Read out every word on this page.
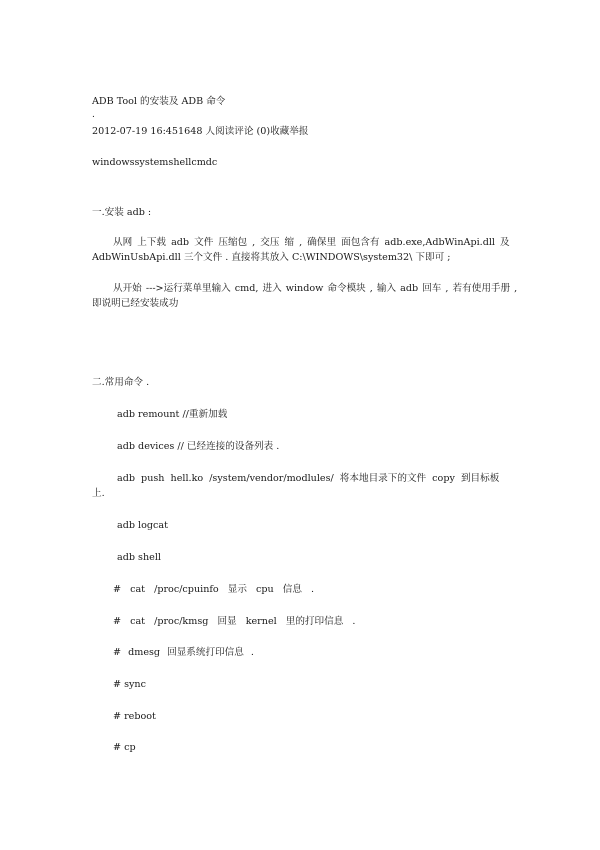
ADB Tool 的安装及 ADB 命令
.
2012-07-19 16:451648 人阅读评论 (0)收藏举报
windowssystemshellcmdc
一.安装 adb :
从网 上下载 adb 文件 压缩包 , 交压 缩 , 确保里 面包含有 adb.exe,AdbWinApi.dll 及
AdbWinUsbApi.dll 三个文件 . 直接将其放入 C:\WINDOWS\system32\ 下即可 ;
从开始 --->运行菜单里输入 cmd, 进入 window 命令模块 , 输入 adb 回车 , 若有使用手册 ,
即说明已经安装成功
二.常用命令 .
adb remount //重新加载
adb devices // 已经连接的设备列表 .
adb push hell.ko /system/vendor/modlules/ 将本地目录下的文件 copy 到目标板
上.
adb logcat
adb shell
# cat /proc/cpuinfo 显示 cpu 信息 .
# cat /proc/kmsg 回显 kernel 里的打印信息 .
# dmesg 回显系统打印信息 .
# sync
# reboot
# cp
